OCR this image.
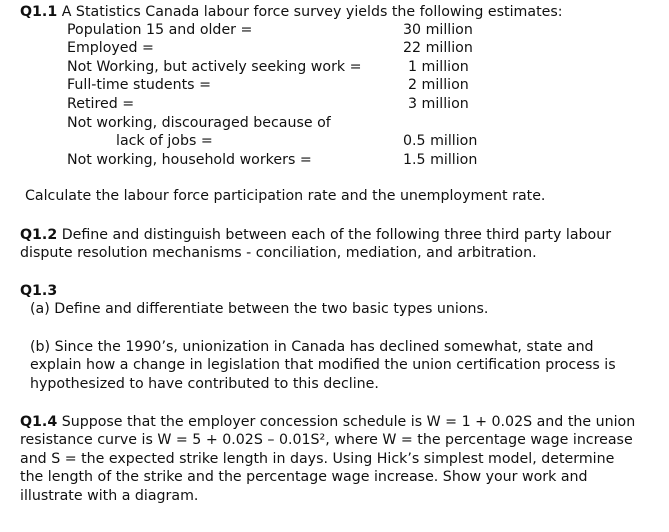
Q1.1 A Statistics Canada labour force survey yields the following estimates:
Population 15 and older =	30 million
Employed =	22 million
Not Working, but actively seeking work =	1 million
Full-time students =	2 million
Retired =	3 million
Not working, discouraged because of
lack of jobs =	0.5 million
Not working, household workers =	1.5 million
Calculate the labour force participation rate and the unemployment rate.
Q1.2 Define and distinguish between each of the following three third party labour
dispute resolution mechanisms - conciliation, mediation, and arbitration.
Q1.3
(a) Define and differentiate between the two basic types unions.
(b) Since the 1990’s, unionization in Canada has declined somewhat, state and
explain how a change in legislation that modified the union certification process is
hypothesized to have contributed to this decline.
Q1.4 Suppose that the employer concession schedule is W = 1 + 0.02S and the union
resistance curve is W = 5 + 0.02S – 0.01S², where W = the percentage wage increase
and S = the expected strike length in days. Using Hick’s simplest model, determine
the length of the strike and the percentage wage increase. Show your work and
illustrate with a diagram.
